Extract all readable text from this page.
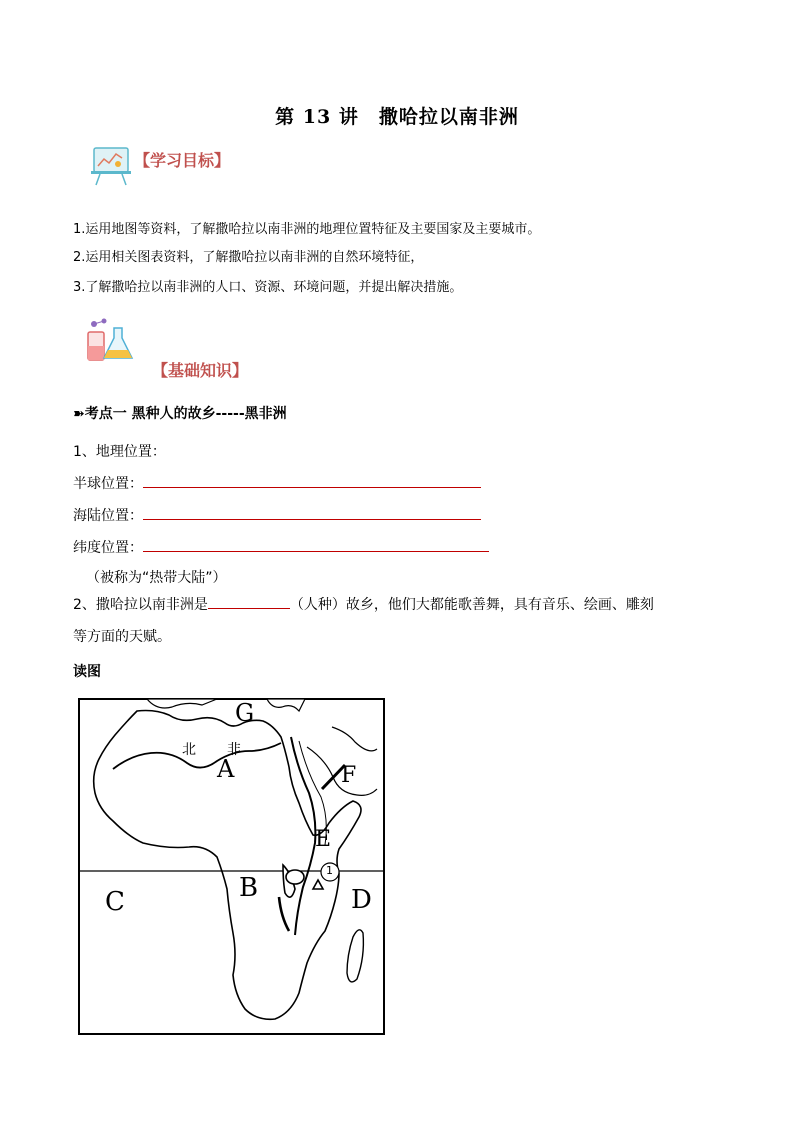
第 13 讲　撒哈拉以南非洲
【学习目标】
1.运用地图等资料，了解撒哈拉以南非洲的地理位置特征及主要国家及主要城市。
2.运用相关图表资料，了解撒哈拉以南非洲的自然环境特征，
3.了解撒哈拉以南非洲的人口、资源、环境问题，并提出解决措施。
【基础知识】
➽考点一 黑种人的故乡-----黑非洲
1、地理位置：
半球位置：
海陆位置：
纬度位置：
（被称为“热带大陆”）
2、撒哈拉以南非洲是	（人种）故乡，他们大都能歌善舞，具有音乐、绘画、雕刻
等方面的天赋。
读图
G
北 非
A	F
E
B
C	D
1
